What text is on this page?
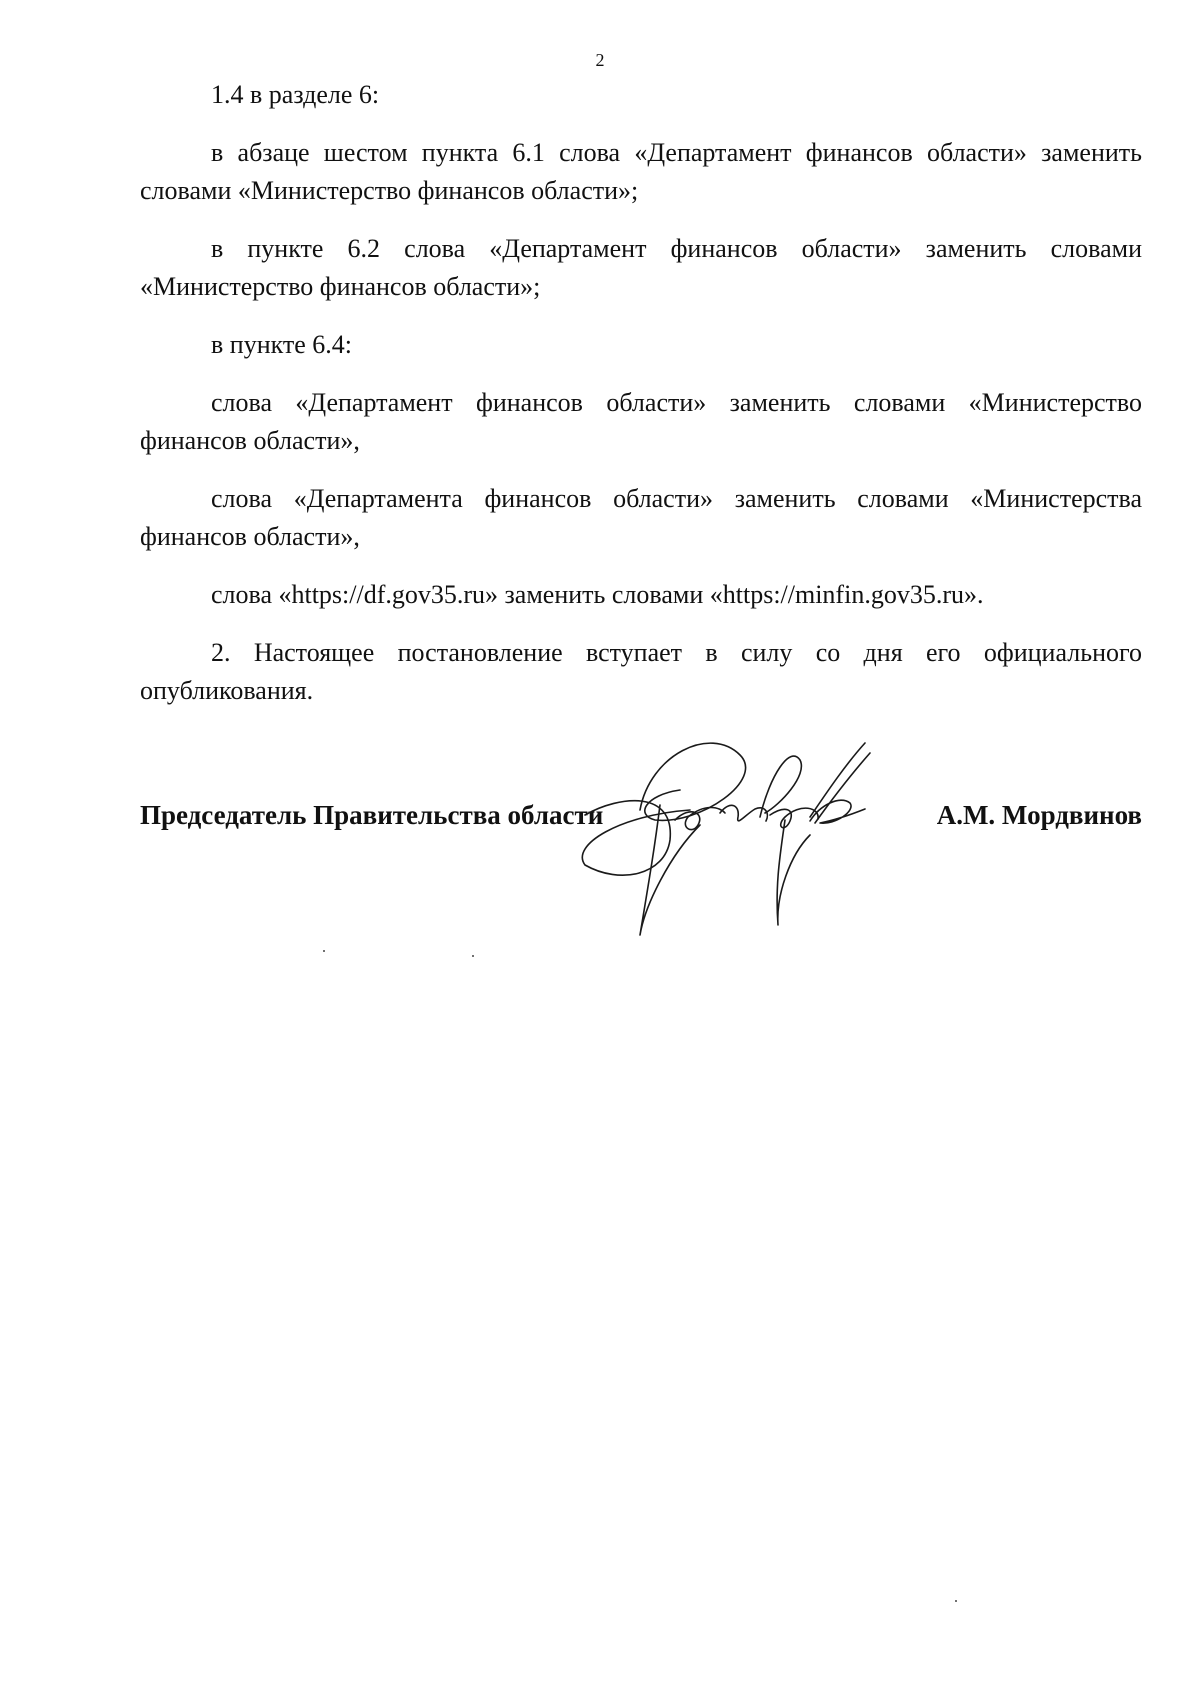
2

1.4 в разделе 6:

в абзаце шестом пункта 6.1 слова «Департамент финансов области» заменить словами «Министерство финансов области»;

в пункте 6.2 слова «Департамент финансов области» заменить словами «Министерство финансов области»;

в пункте 6.4:

слова «Департамент финансов области» заменить словами «Министерство финансов области»,

слова «Департамента финансов области» заменить словами «Министерства финансов области»,

слова «https://df.gov35.ru» заменить словами «https://minfin.gov35.ru».

2. Настоящее постановление вступает в силу со дня его официального опубликования.

Председатель Правительства области	А.М. Мордвинов
